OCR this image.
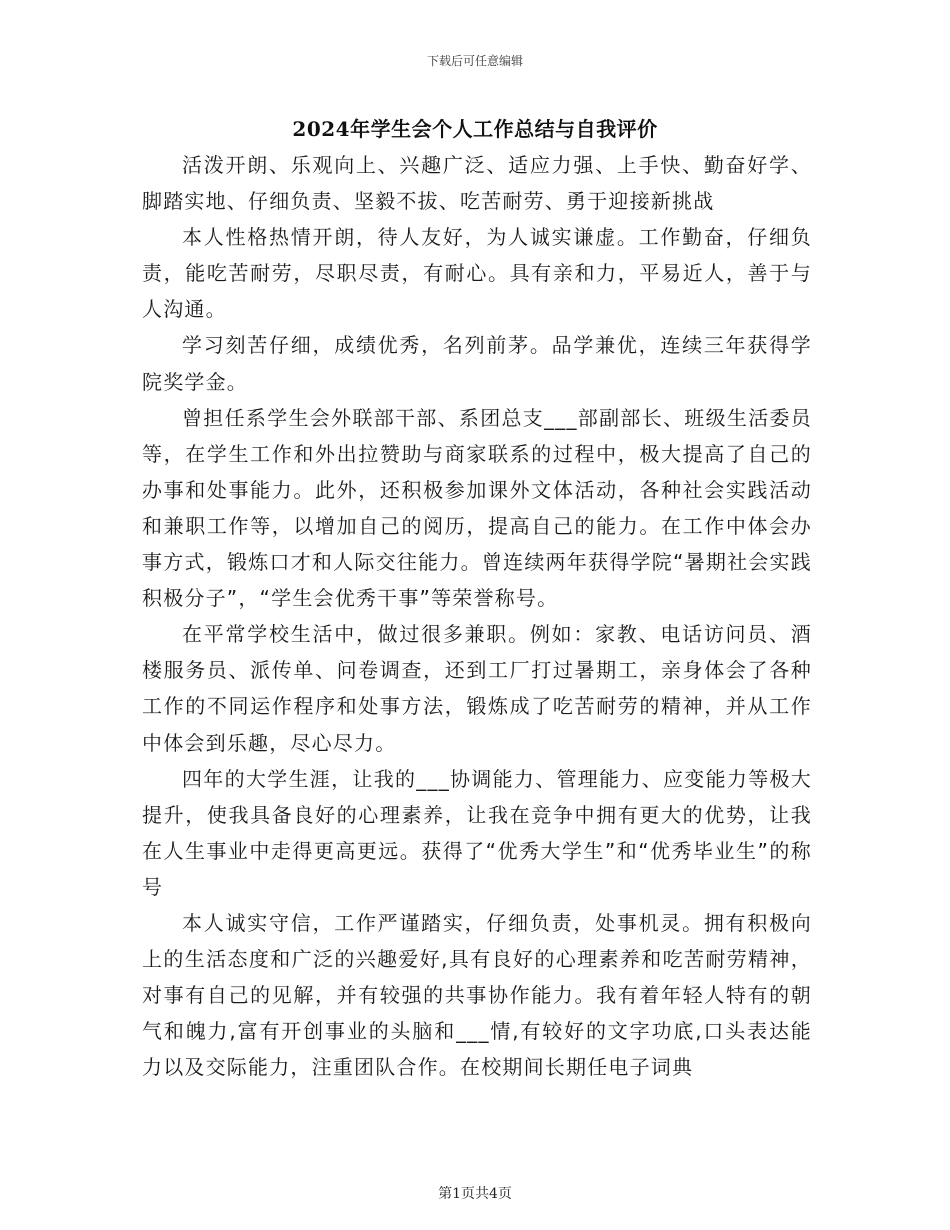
下载后可任意编辑
2024年学生会个人工作总结与自我评价

活泼开朗、乐观向上、兴趣广泛、适应力强、上手快、勤奋好学、脚踏实地、仔细负责、坚毅不拔、吃苦耐劳、勇于迎接新挑战

本人性格热情开朗，待人友好，为人诚实谦虚。工作勤奋，仔细负责，能吃苦耐劳，尽职尽责，有耐心。具有亲和力，平易近人，善于与人沟通。

学习刻苦仔细，成绩优秀，名列前茅。品学兼优，连续三年获得学院奖学金。

曾担任系学生会外联部干部、系团总支___部副部长、班级生活委员等，在学生工作和外出拉赞助与商家联系的过程中，极大提高了自己的办事和处事能力。此外，还积极参加课外文体活动，各种社会实践活动和兼职工作等，以增加自己的阅历，提高自己的能力。在工作中体会办事方式，锻炼口才和人际交往能力。曾连续两年获得学院“暑期社会实践积极分子”，“学生会优秀干事”等荣誉称号。

在平常学校生活中，做过很多兼职。例如：家教、电话访问员、酒楼服务员、派传单、问卷调查，还到工厂打过暑期工，亲身体会了各种工作的不同运作程序和处事方法，锻炼成了吃苦耐劳的精神，并从工作中体会到乐趣，尽心尽力。

四年的大学生涯，让我的___协调能力、管理能力、应变能力等极大提升，使我具备良好的心理素养，让我在竞争中拥有更大的优势，让我在人生事业中走得更高更远。获得了“优秀大学生”和“优秀毕业生”的称号

本人诚实守信，工作严谨踏实，仔细负责，处事机灵。拥有积极向上的生活态度和广泛的兴趣爱好,具有良好的心理素养和吃苦耐劳精神，对事有自己的见解，并有较强的共事协作能力。我有着年轻人特有的朝气和魄力,富有开创事业的头脑和___情,有较好的文字功底,口头表达能力以及交际能力，注重团队合作。在校期间长期任电子词典

第1页共4页
